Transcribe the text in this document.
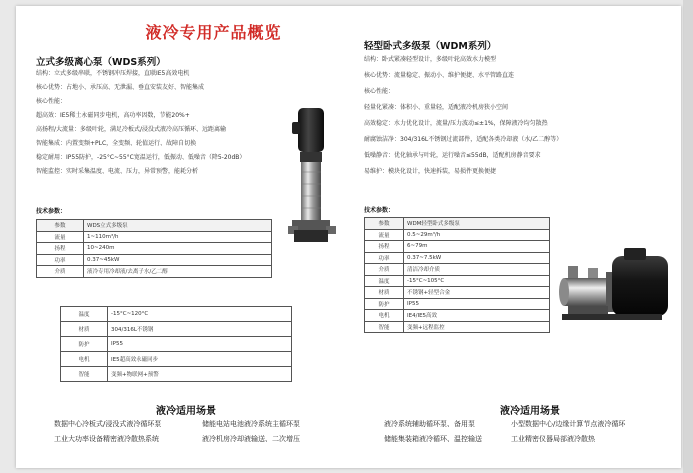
液冷专用产品概览
立式多级离心泵（WDS系列）
结构：立式多级串联，不锈钢冲压焊接，直联IE5高效电机
核心优势：占地小、承压高、无泄漏、垂直安装友好、智能集成
核心性能：
超高效：IE5稀土永磁同步电机，高功率因数，节能20%+
高扬程/大流量：多级叶轮，满足冷板式/浸没式液冷高压循环、远距离输
智能集成：内置变频+PLC，全变频、轮值运行、故障自切换
稳定耐用：IP55防护，-25°C~55°C宽温运行，低振动、低噪音（降5-20dB）
智能监控：实时采集温度、电流、压力，异常预警，能耗分析
技术参数：
参数	WDS立式多级泵
流量	1~110m³/h
扬程	10~240m
功率	0.37~45kW
介质	液冷专用冷却液/去离子水/乙二醇
温度	-15°C~120°C
材质	304/316L不锈钢
防护	IP55
电机	IE5超高效永磁同步
智能	变频+物联网+预警
液冷适用场景
数据中心冷板式/浸没式液冷循环泵	储能电站电池液冷系统主循环泵
工业大功率设备精密液冷散热系统	液冷机房冷却液输送、二次增压
轻型卧式多级泵（WDM系列）
结构：卧式紧凑轻型设计，多级叶轮高效水力模型
核心优势：流量稳定、振动小、维护便捷、水平管路直连
核心性能：
轻量化紧凑：体积小、重量轻，适配液冷机房狭小空间
高效稳定：水力优化设计，流量/压力波动≤±1%，保障液冷均匀散热
耐腐蚀洁净：304/316L不锈钢过流部件，适配各类冷却液（水/乙二醇等）
低噪静音：优化轴承与叶轮，运行噪音≤55dB，适配机房静音要求
易维护：模块化设计，快速拆装，易损件更换便捷
技术参数：
参数	WDM轻型卧式多级泵
流量	0.5~29m³/h
扬程	6~79m
功率	0.37~7.5kW
介质	清洁冷却介质
温度	-15°C~105°C
材质	不锈钢+轻型合金
防护	IP55
电机	IE4/IE5高效
智能	变频+远程监控
液冷适用场景
液冷系统辅助循环泵、备用泵	小型数据中心/边缘计算节点液冷循环
储能集装箱液冷循环、温控输送	工业精密仪器局部液冷散热
